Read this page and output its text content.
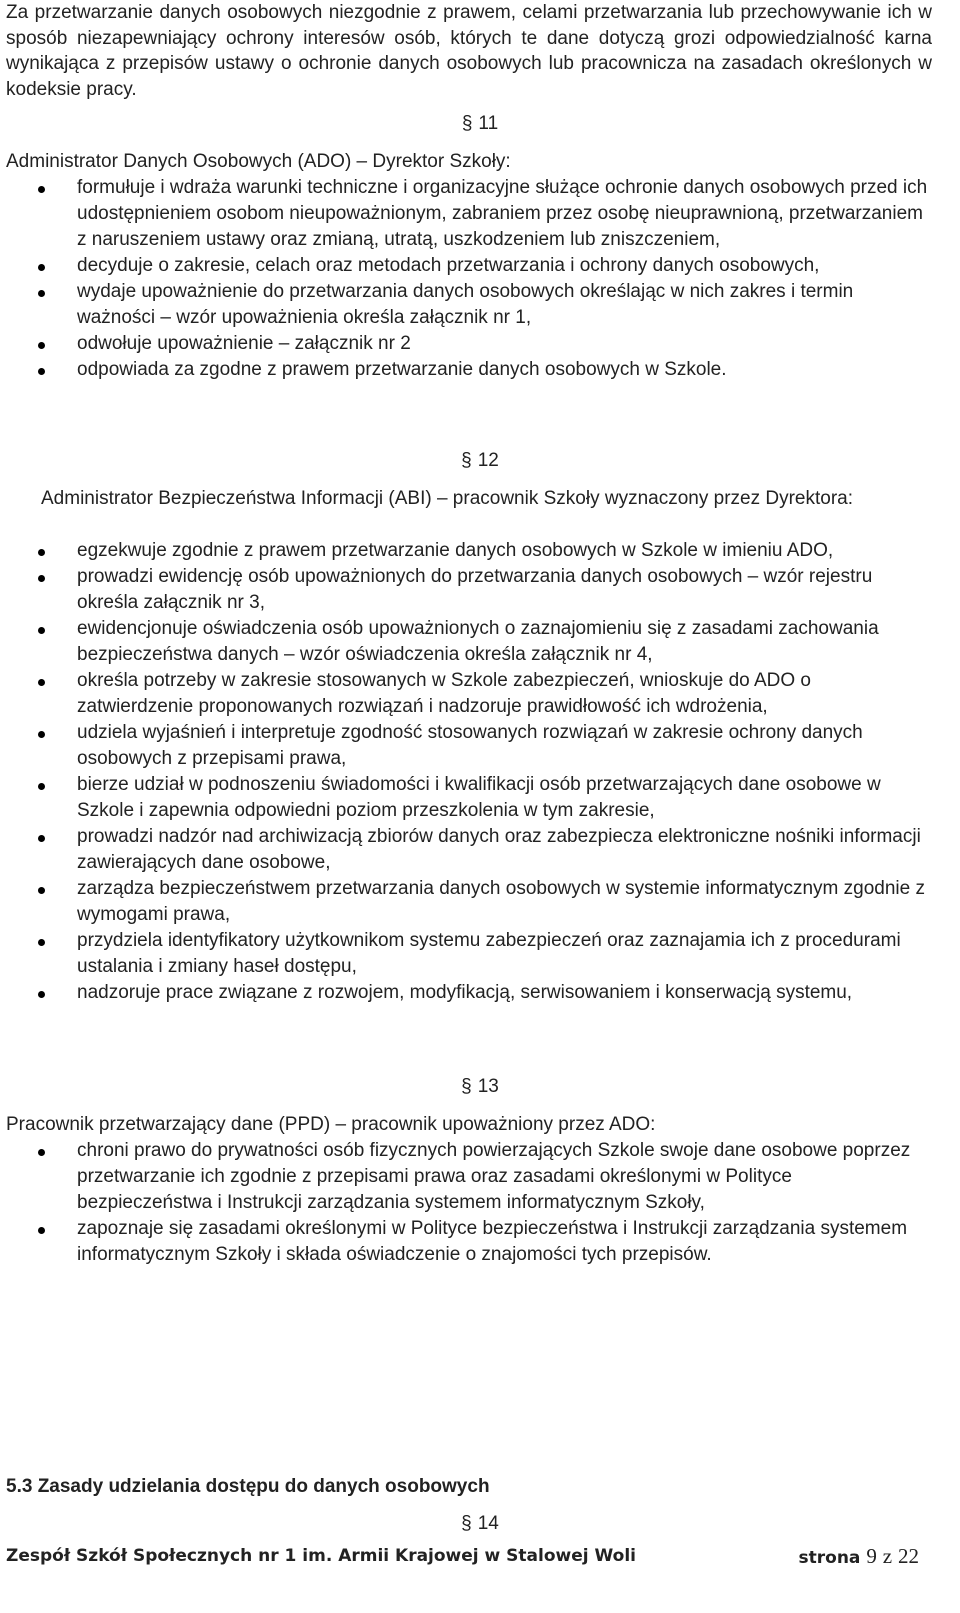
Za przetwarzanie danych osobowych niezgodnie z prawem, celami przetwarzania lub przechowywanie ich w sposób niezapewniający ochrony interesów osób, których te dane dotyczą grozi odpowiedzialność karna wynikająca z przepisów ustawy o ochronie danych osobowych lub pracownicza na zasadach określonych w kodeksie pracy.

§ 11

Administrator Danych Osobowych (ADO) – Dyrektor Szkoły:

formułuje i wdraża warunki techniczne i organizacyjne służące ochronie danych osobowych przed ich udostępnieniem osobom nieupoważnionym, zabraniem przez osobę nieuprawnioną, przetwarzaniem z naruszeniem ustawy oraz zmianą, utratą, uszkodzeniem lub zniszczeniem,
decyduje o zakresie, celach oraz metodach przetwarzania i ochrony danych osobowych,
wydaje upoważnienie do przetwarzania danych osobowych określając w nich zakres i termin ważności – wzór upoważnienia określa załącznik nr 1,
odwołuje upoważnienie – załącznik nr 2
odpowiada za zgodne z prawem przetwarzanie danych osobowych w Szkole.
§ 12

Administrator Bezpieczeństwa Informacji (ABI) – pracownik Szkoły wyznaczony przez Dyrektora:

egzekwuje zgodnie z prawem przetwarzanie danych osobowych w Szkole w imieniu ADO,
prowadzi ewidencję osób upoważnionych do przetwarzania danych osobowych – wzór rejestru określa załącznik nr 3,
ewidencjonuje oświadczenia osób upoważnionych o zaznajomieniu się z zasadami zachowania bezpieczeństwa danych – wzór oświadczenia określa załącznik nr 4,
określa potrzeby w zakresie stosowanych w Szkole zabezpieczeń, wnioskuje do ADO o zatwierdzenie proponowanych rozwiązań i nadzoruje prawidłowość ich wdrożenia,
udziela wyjaśnień i interpretuje zgodność stosowanych rozwiązań w zakresie ochrony danych osobowych z przepisami prawa,
bierze udział w podnoszeniu świadomości i kwalifikacji osób przetwarzających dane osobowe w Szkole i zapewnia odpowiedni poziom przeszkolenia w tym zakresie,
prowadzi nadzór nad archiwizacją zbiorów danych oraz zabezpiecza elektroniczne nośniki informacji zawierających dane osobowe,
zarządza bezpieczeństwem przetwarzania danych osobowych w systemie informatycznym zgodnie z wymogami prawa,
przydziela identyfikatory użytkownikom systemu zabezpieczeń oraz zaznajamia ich z procedurami ustalania i zmiany haseł dostępu,
nadzoruje prace związane z rozwojem, modyfikacją, serwisowaniem i konserwacją systemu,
§ 13

Pracownik przetwarzający dane (PPD) – pracownik upoważniony przez ADO:

chroni prawo do prywatności osób fizycznych powierzających Szkole swoje dane osobowe poprzez przetwarzanie ich zgodnie z przepisami prawa oraz zasadami określonymi w Polityce bezpieczeństwa i Instrukcji zarządzania systemem informatycznym Szkoły,
zapoznaje się zasadami określonymi w Polityce bezpieczeństwa i Instrukcji zarządzania systemem informatycznym Szkoły i składa oświadczenie o znajomości tych przepisów.
5.3 Zasady udzielania dostępu do danych osobowych
§ 14
Zespół Szkół Społecznych nr 1 im. Armii Krajowej w Stalowej Woli	strona 9 z 22
